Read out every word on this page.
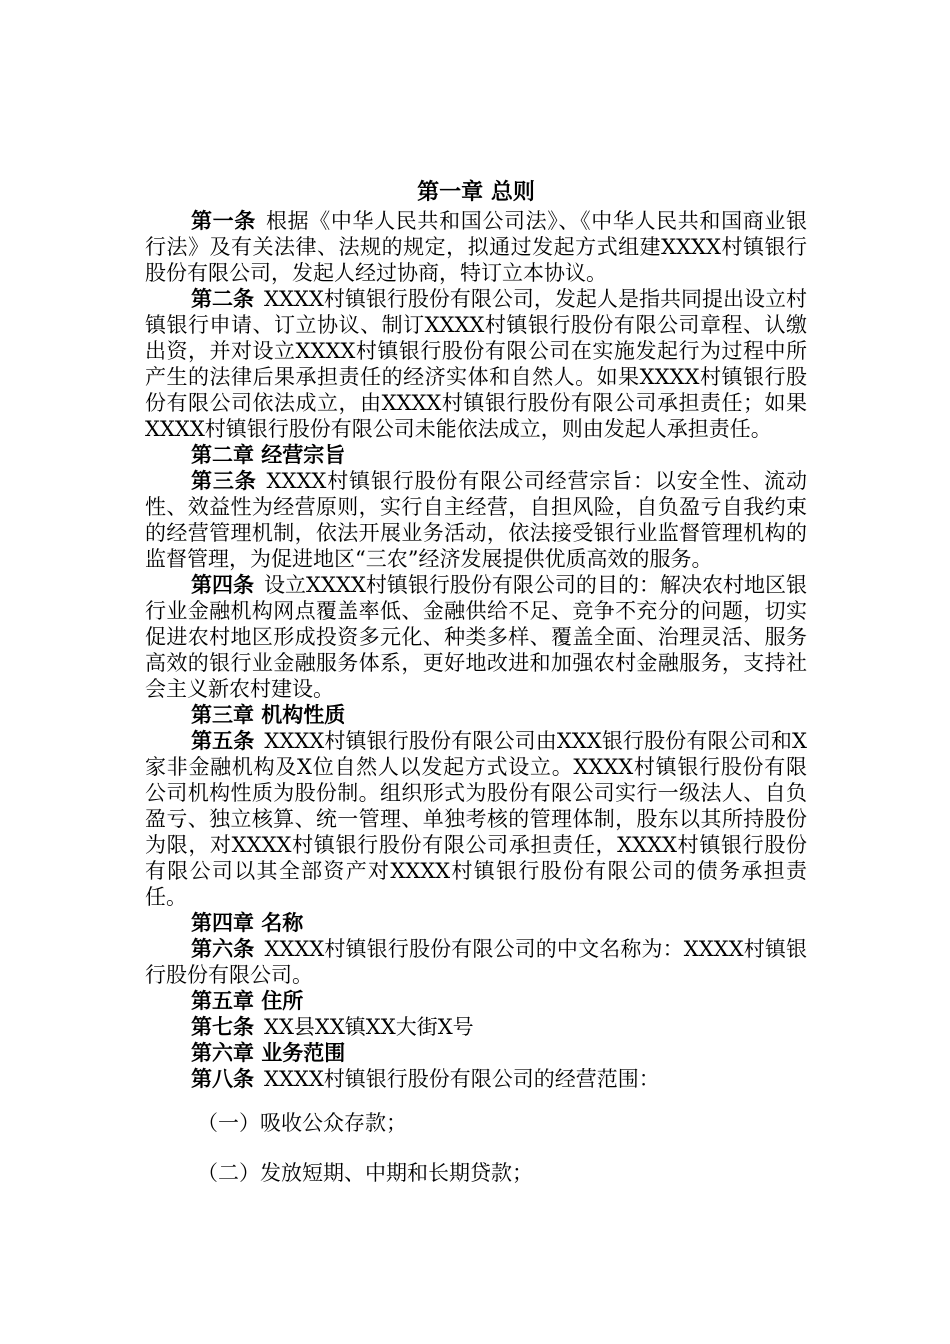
第一章 总则

第一条 根据《中华人民共和国公司法》、《中华人民共和国商业银行法》及有关法律、法规的规定，拟通过发起方式组建XXXX村镇银行股份有限公司，发起人经过协商，特订立本协议。

第二条 XXXX村镇银行股份有限公司，发起人是指共同提出设立村镇银行申请、订立协议、制订XXXX村镇银行股份有限公司章程、认缴出资，并对设立XXXX村镇银行股份有限公司在实施发起行为过程中所产生的法律后果承担责任的经济实体和自然人。如果XXXX村镇银行股份有限公司依法成立，由XXXX村镇银行股份有限公司承担责任；如果XXXX村镇银行股份有限公司未能依法成立，则由发起人承担责任。

第二章 经营宗旨

第三条 XXXX村镇银行股份有限公司经营宗旨：以安全性、流动性、效益性为经营原则，实行自主经营，自担风险，自负盈亏自我约束的经营管理机制，依法开展业务活动，依法接受银行业监督管理机构的监督管理，为促进地区“三农”经济发展提供优质高效的服务。

第四条 设立XXXX村镇银行股份有限公司的目的：解决农村地区银行业金融机构网点覆盖率低、金融供给不足、竞争不充分的问题，切实促进农村地区形成投资多元化、种类多样、覆盖全面、治理灵活、服务高效的银行业金融服务体系，更好地改进和加强农村金融服务，支持社会主义新农村建设。

第三章 机构性质

第五条 XXXX村镇银行股份有限公司由XXX银行股份有限公司和X家非金融机构及X位自然人以发起方式设立。XXXX村镇银行股份有限公司机构性质为股份制。组织形式为股份有限公司实行一级法人、自负盈亏、独立核算、统一管理、单独考核的管理体制，股东以其所持股份为限，对XXXX村镇银行股份有限公司承担责任，XXXX村镇银行股份有限公司以其全部资产对XXXX村镇银行股份有限公司的债务承担责任。

第四章 名称

第六条 XXXX村镇银行股份有限公司的中文名称为：XXXX村镇银行股份有限公司。

第五章 住所

第七条 XX县XX镇XX大街X号

第六章 业务范围

第八条 XXXX村镇银行股份有限公司的经营范围：

（一）吸收公众存款；

（二）发放短期、中期和长期贷款；
